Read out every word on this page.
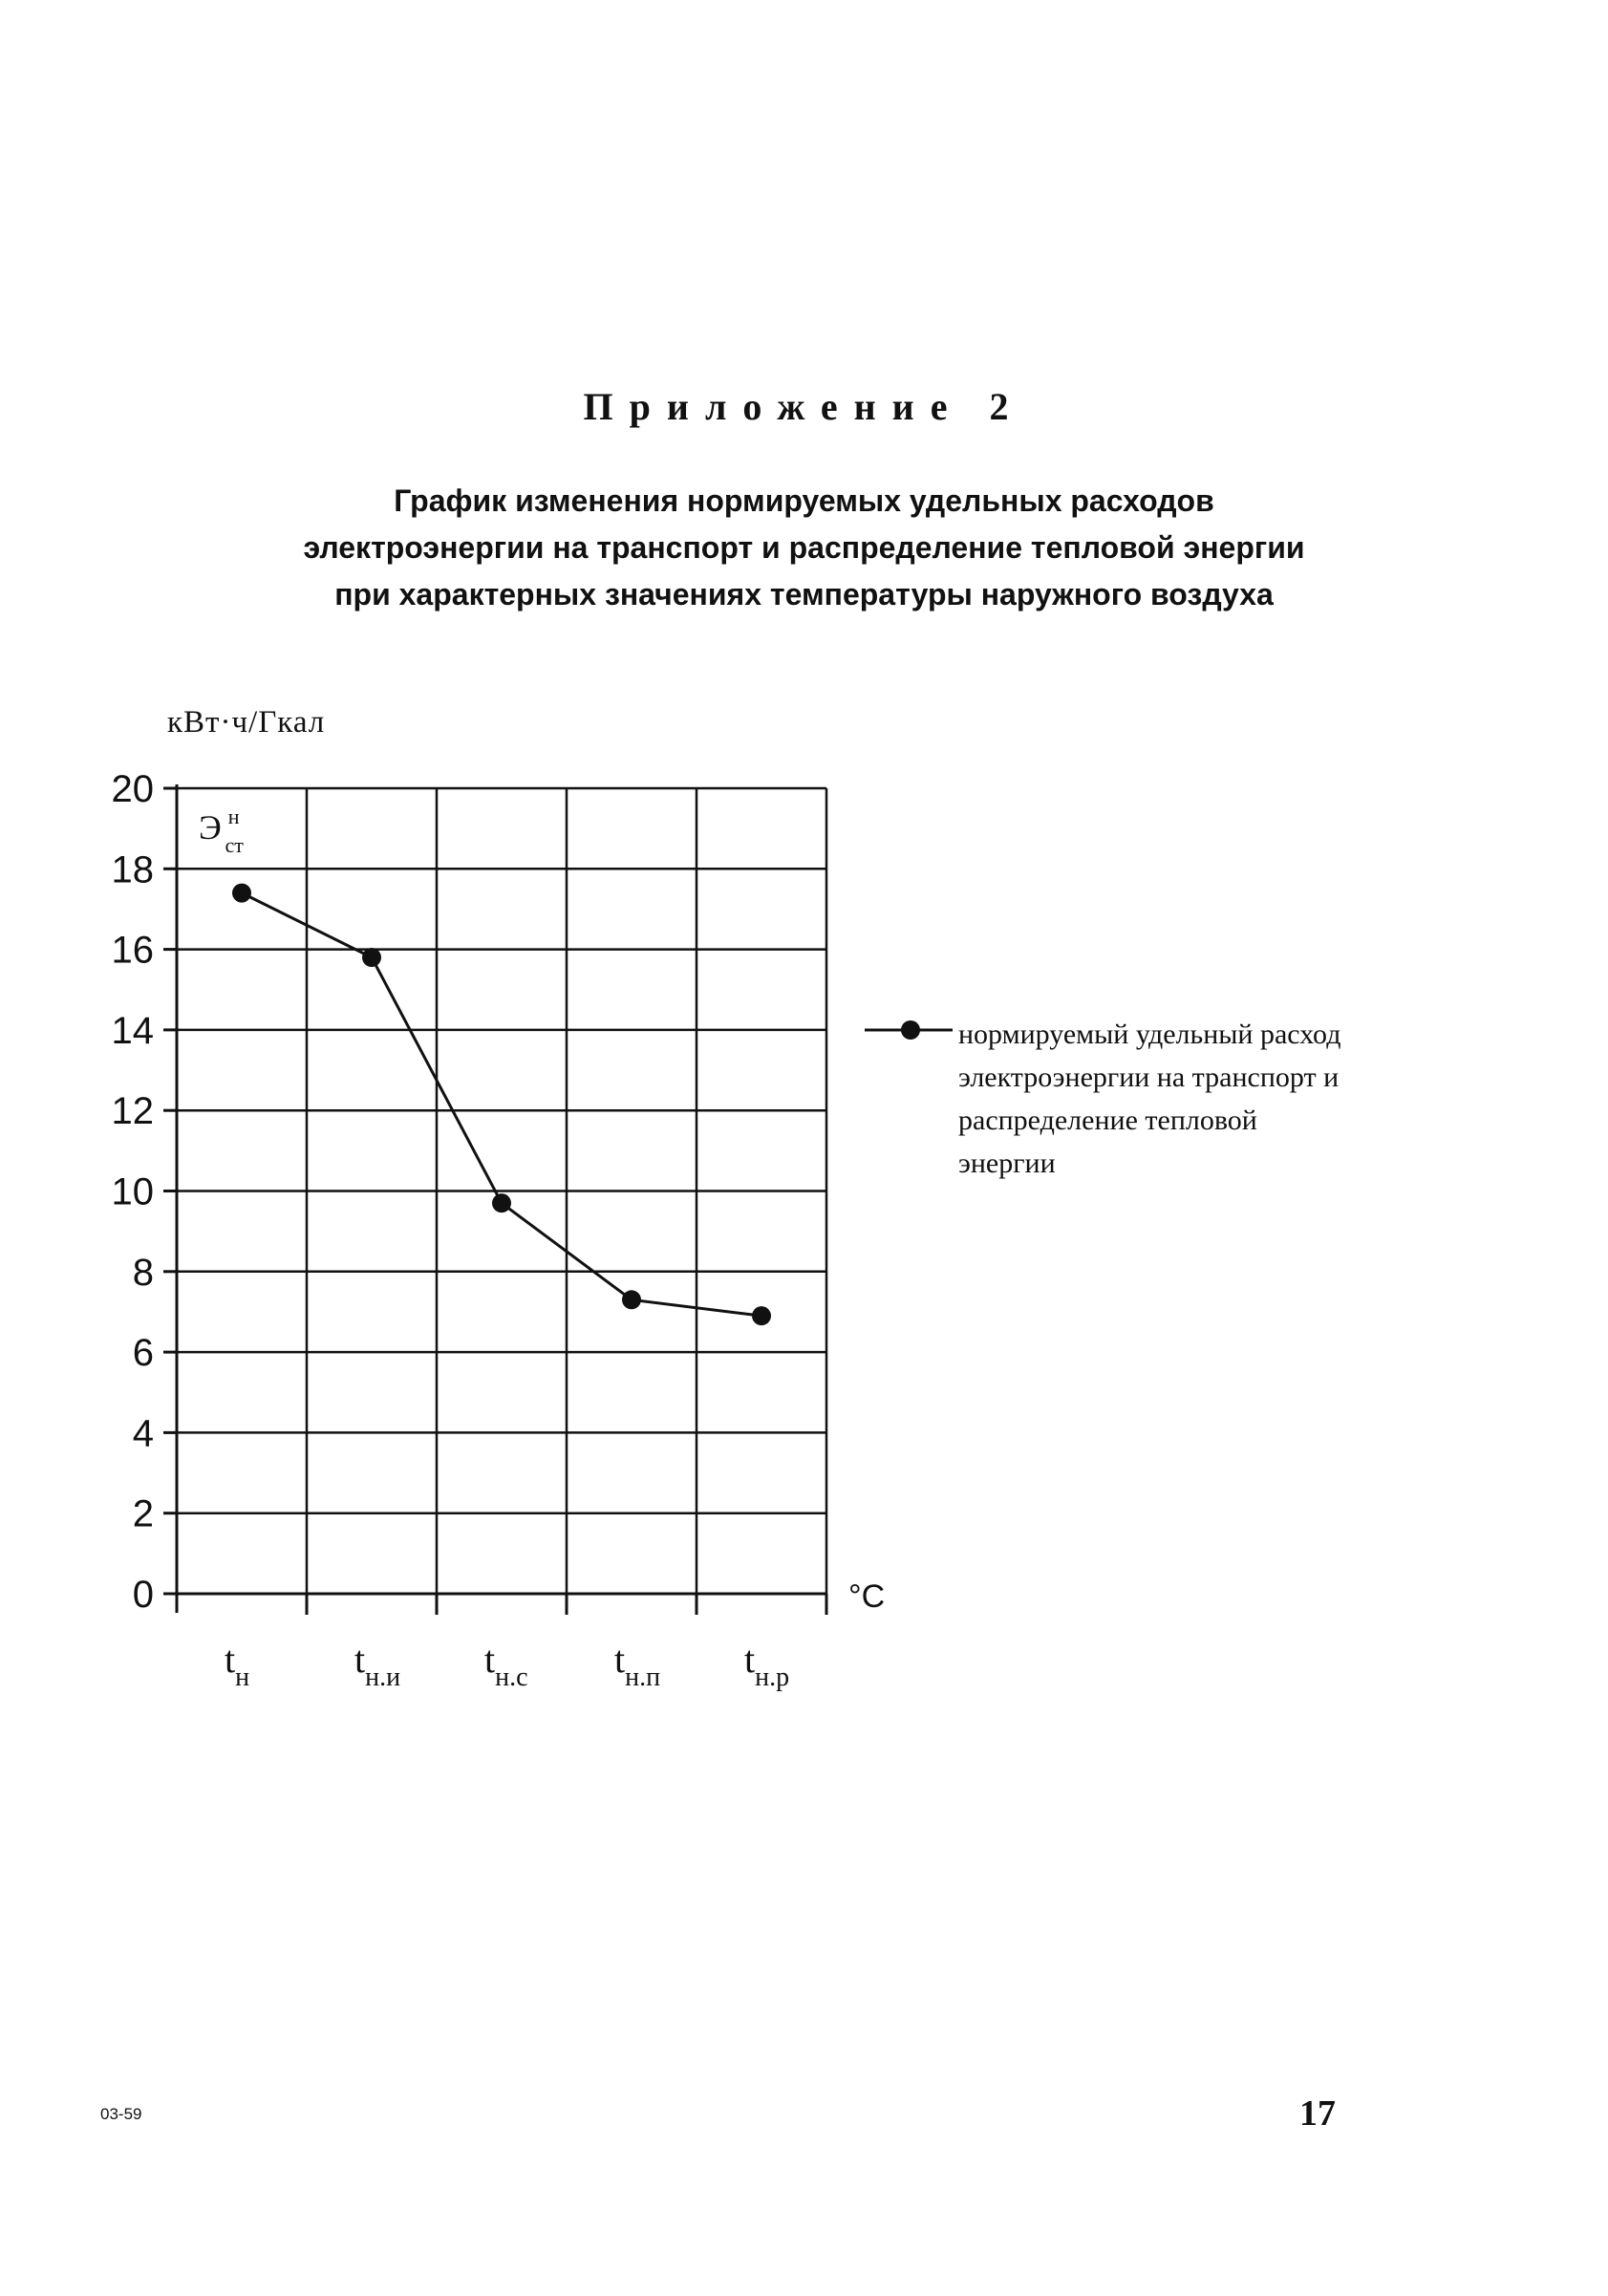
Приложение 2
График изменения нормируемых удельных расходов
электроэнергии на транспорт и распределение тепловой энергии
при характерных значениях температуры наружного воздуха
кВт·ч/Гкал
0
2
4
6
8
10
12
14
16
18
20
$t_н$	$t_{н.и}$ $t_{н.с}$ $t_{н.п}$ $t_{н.р}$
Э н ст
°C
нормируемый удельный расход электроэнергии на транспорт и распределение тепловой энергии
03-59	17
